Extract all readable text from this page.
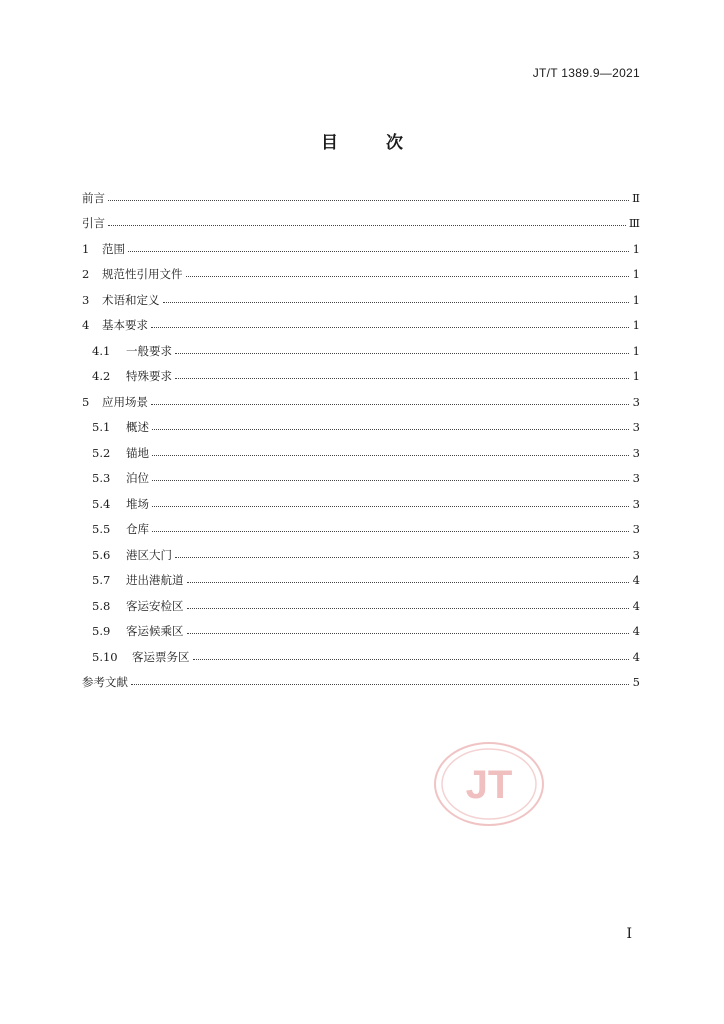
JT/T 1389.9—2021
目	次
前言	Ⅱ
引言	Ⅲ
1	范围	1
2	规范性引用文件	1
3	术语和定义	1
4	基本要求	1
4.1	一般要求	1
4.2	特殊要求	1
5	应用场景	3
5.1	概述	3
5.2	锚地	3
5.3	泊位	3
5.4	堆场	3
5.5	仓库	3
5.6	港区大门	3
5.7	进出港航道	4
5.8	客运安检区	4
5.9	客运候乘区	4
5.10	客运票务区	4
参考文献	5
JT
I
